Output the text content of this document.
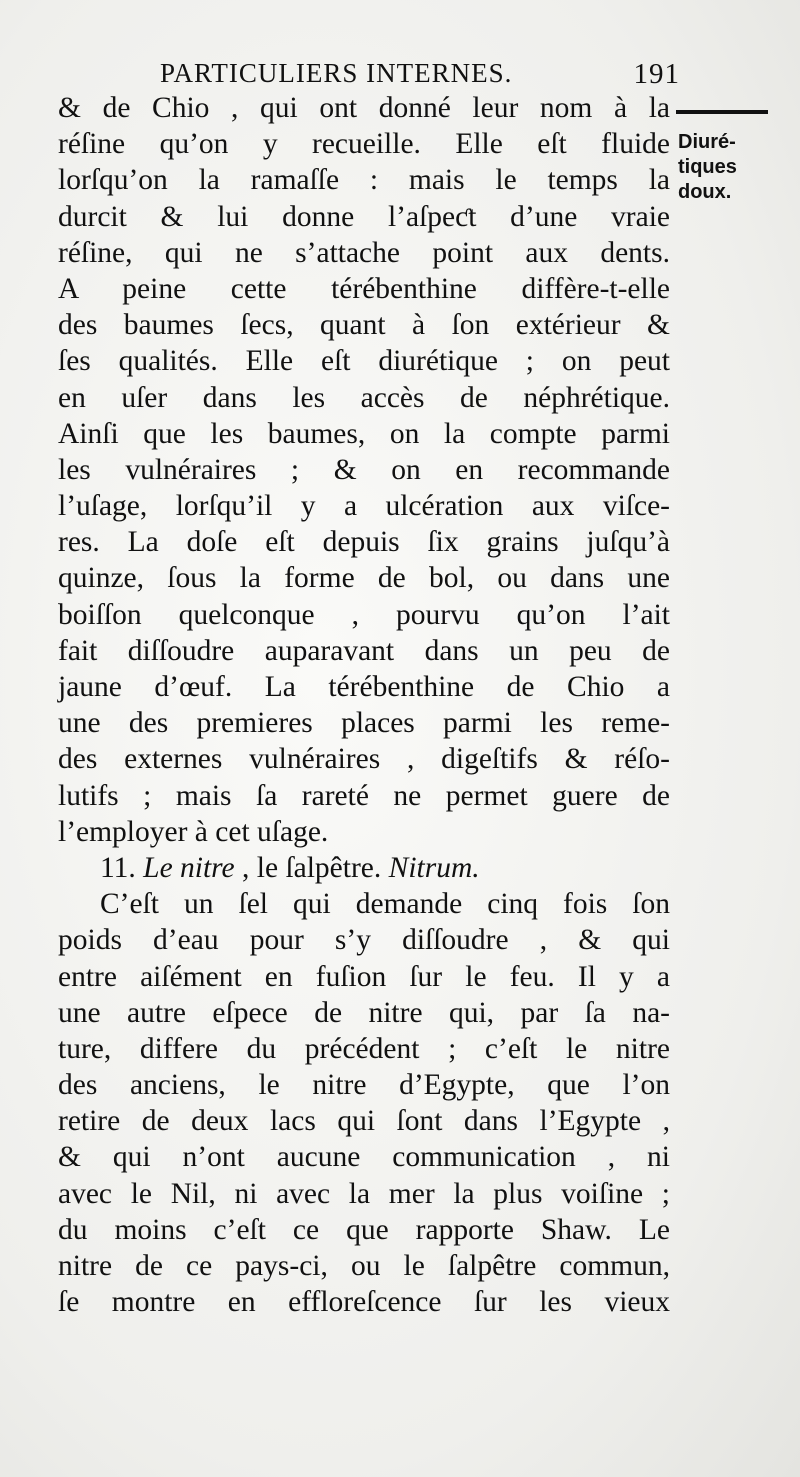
PARTICULIERS INTERNES.	191
Diuré-
tiques
doux.
& de Chio , qui ont donné leur nom à la
réſine qu’on y recueille. Elle eſt fluide
lorſqu’on la ramaſſe : mais le temps la
durcit & lui donne l’aſpeƈt d’une vraie
réſine, qui ne s’attache point aux dents.
A peine cette térébenthine diffère-t-elle
des baumes ſecs, quant à ſon extérieur &
ſes qualités. Elle eſt diurétique ; on peut
en uſer dans les accès de néphrétique.
Ainſi que les baumes, on la compte parmi
les vulnéraires ; & on en recommande
l’uſage, lorſqu’il y a ulcération aux viſce-
res. La doſe eſt depuis ſix grains juſqu’à
quinze, ſous la forme de bol, ou dans une
boiſſon quelconque , pourvu qu’on l’ait
fait diſſoudre auparavant dans un peu de
jaune d’œuf. La térébenthine de Chio a
une des premieres places parmi les reme-
des externes vulnéraires , digeſtifs & réſo-
lutifs ; mais ſa rareté ne permet guere de
l’employer à cet uſage.
11. Le nitre , le ſalpêtre. Nitrum.
C’eſt un ſel qui demande cinq fois ſon
poids d’eau pour s’y diſſoudre , & qui
entre aiſément en fuſion ſur le feu. Il y a
une autre eſpece de nitre qui, par ſa na-
ture, differe du précédent ; c’eſt le nitre
des anciens, le nitre d’Egypte, que l’on
retire de deux lacs qui ſont dans l’Egypte ,
& qui n’ont aucune communication , ni
avec le Nil, ni avec la mer la plus voiſine ;
du moins c’eſt ce que rapporte Shaw. Le
nitre de ce pays-ci, ou le ſalpêtre commun,
ſe montre en effloreſcence ſur les vieux
